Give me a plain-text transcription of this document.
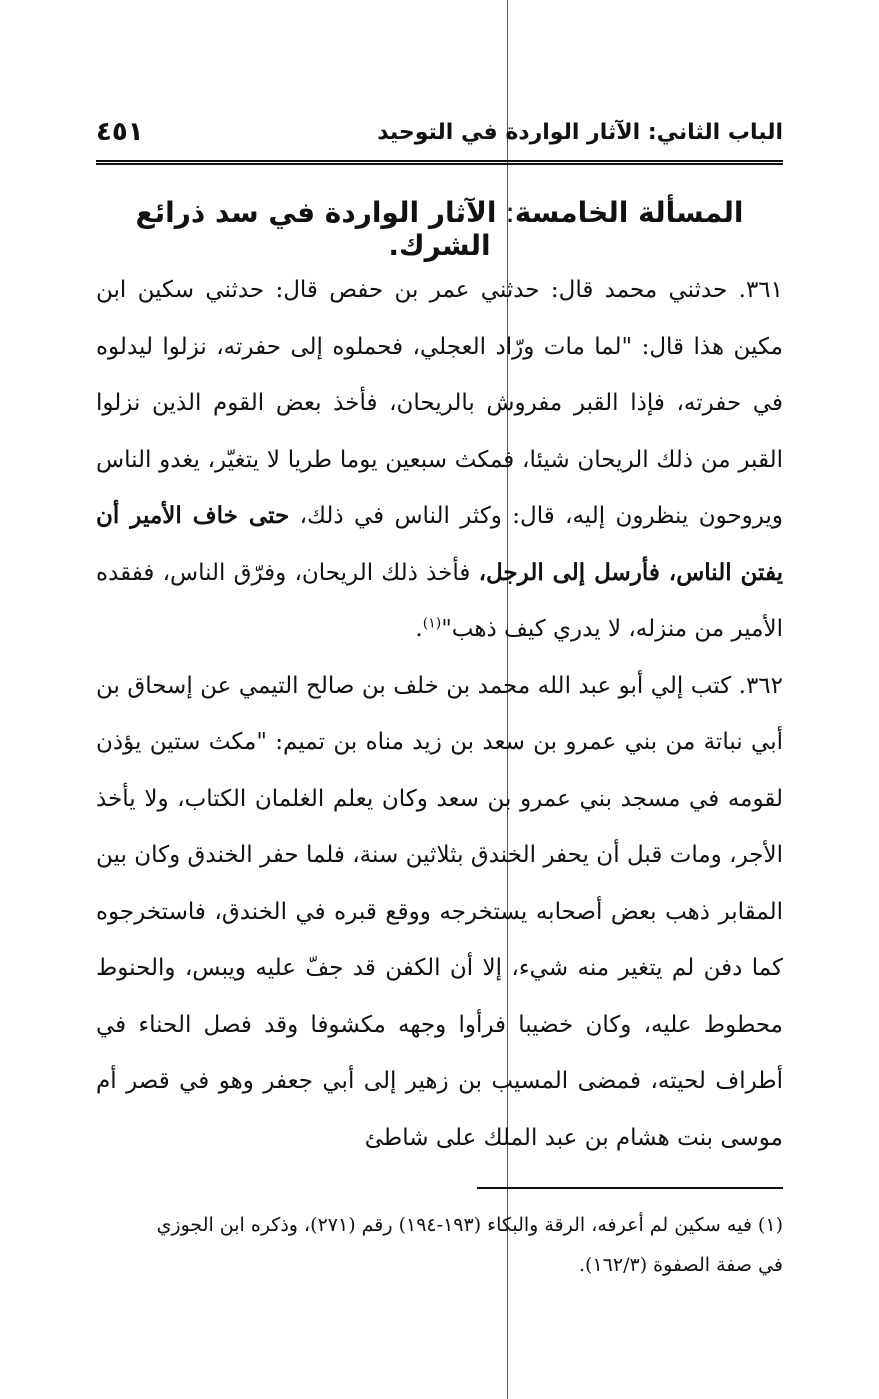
٤٥١	الباب الثاني: الآثار الواردة في التوحيد
المسألة الخامسة: الآثار الواردة في سد ذرائع الشرك.

٣٦١. حدثني محمد قال: حدثني عمر بن حفص قال: حدثني سكين ابن مكين هذا قال: "لما مات ورّاد العجلي، فحملوه إلى حفرته، نزلوا ليدلوه في حفرته، فإذا القبر مفروش بالريحان، فأخذ بعض القوم الذين نزلوا القبر من ذلك الريحان شيئا، فمكث سبعين يوما طريا لا يتغيّر، يغدو الناس ويروحون ينظرون إليه، قال: وكثر الناس في ذلك، حتى خاف الأمير أن يفتن الناس، فأرسل إلى الرجل، فأخذ ذلك الريحان، وفرّق الناس، ففقده الأمير من منزله، لا يدري كيف ذهب"$^{(١)}$.

٣٦٢. كتب إلي أبو عبد الله محمد بن خلف بن صالح التيمي عن إسحاق بن أبي نباتة من بني عمرو بن سعد بن زيد مناه بن تميم: "مكث ستين يؤذن لقومه في مسجد بني عمرو بن سعد وكان يعلم الغلمان الكتاب، ولا يأخذ الأجر، ومات قبل أن يحفر الخندق بثلاثين سنة، فلما حفر الخندق وكان بين المقابر ذهب بعض أصحابه يستخرجه ووقع قبره في الخندق، فاستخرجوه كما دفن لم يتغير منه شيء، إلا أن الكفن قد جفّ عليه ويبس، والحنوط محطوط عليه، وكان خضيبا فرأوا وجهه مكشوفا وقد فصل الحناء في أطراف لحيته، فمضى المسيب بن زهير إلى أبي جعفر وهو في قصر أم موسى بنت هشام بن عبد الملك على شاطئ

(١) فيه سكين لم أعرفه، الرقة والبكاء (١٩٣-١٩٤) رقم (٢٧١)، وذكره ابن الجوزي
في صفة الصفوة (١٦٢/٣).
